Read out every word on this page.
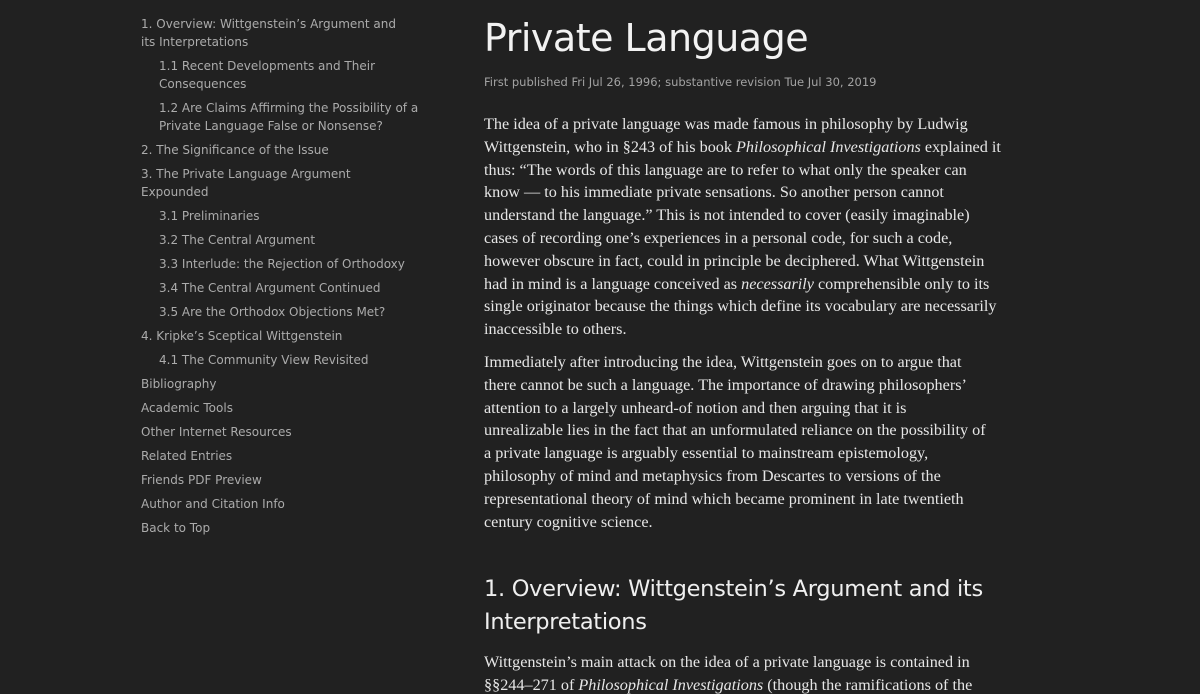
1. Overview: Wittgenstein’s Argument and
its Interpretations
1.1 Recent Developments and Their
Consequences
1.2 Are Claims Affirming the Possibility of a
Private Language False or Nonsense?
2. The Significance of the Issue
3. The Private Language Argument
Expounded
3.1 Preliminaries
3.2 The Central Argument
3.3 Interlude: the Rejection of Orthodoxy
3.4 The Central Argument Continued
3.5 Are the Orthodox Objections Met?
4. Kripke’s Sceptical Wittgenstein
4.1 The Community View Revisited
Bibliography
Academic Tools
Other Internet Resources
Related Entries
Friends PDF Preview
Author and Citation Info
Back to Top
Private Language
First published Fri Jul 26, 1996; substantive revision Tue Jul 30, 2019

The idea of a private language was made famous in philosophy by Ludwig
Wittgenstein, who in §243 of his book Philosophical Investigations explained it
thus: “The words of this language are to refer to what only the speaker can
know — to his immediate private sensations. So another person cannot
understand the language.” This is not intended to cover (easily imaginable)
cases of recording one’s experiences in a personal code, for such a code,
however obscure in fact, could in principle be deciphered. What Wittgenstein
had in mind is a language conceived as necessarily comprehensible only to its
single originator because the things which define its vocabulary are necessarily
inaccessible to others.

Immediately after introducing the idea, Wittgenstein goes on to argue that
there cannot be such a language. The importance of drawing philosophers’
attention to a largely unheard-of notion and then arguing that it is
unrealizable lies in the fact that an unformulated reliance on the possibility of
a private language is arguably essential to mainstream epistemology,
philosophy of mind and metaphysics from Descartes to versions of the
representational theory of mind which became prominent in late twentieth
century cognitive science.

1. Overview: Wittgenstein’s Argument and its
Interpretations

Wittgenstein’s main attack on the idea of a private language is contained in
§§244–271 of Philosophical Investigations (though the ramifications of the
